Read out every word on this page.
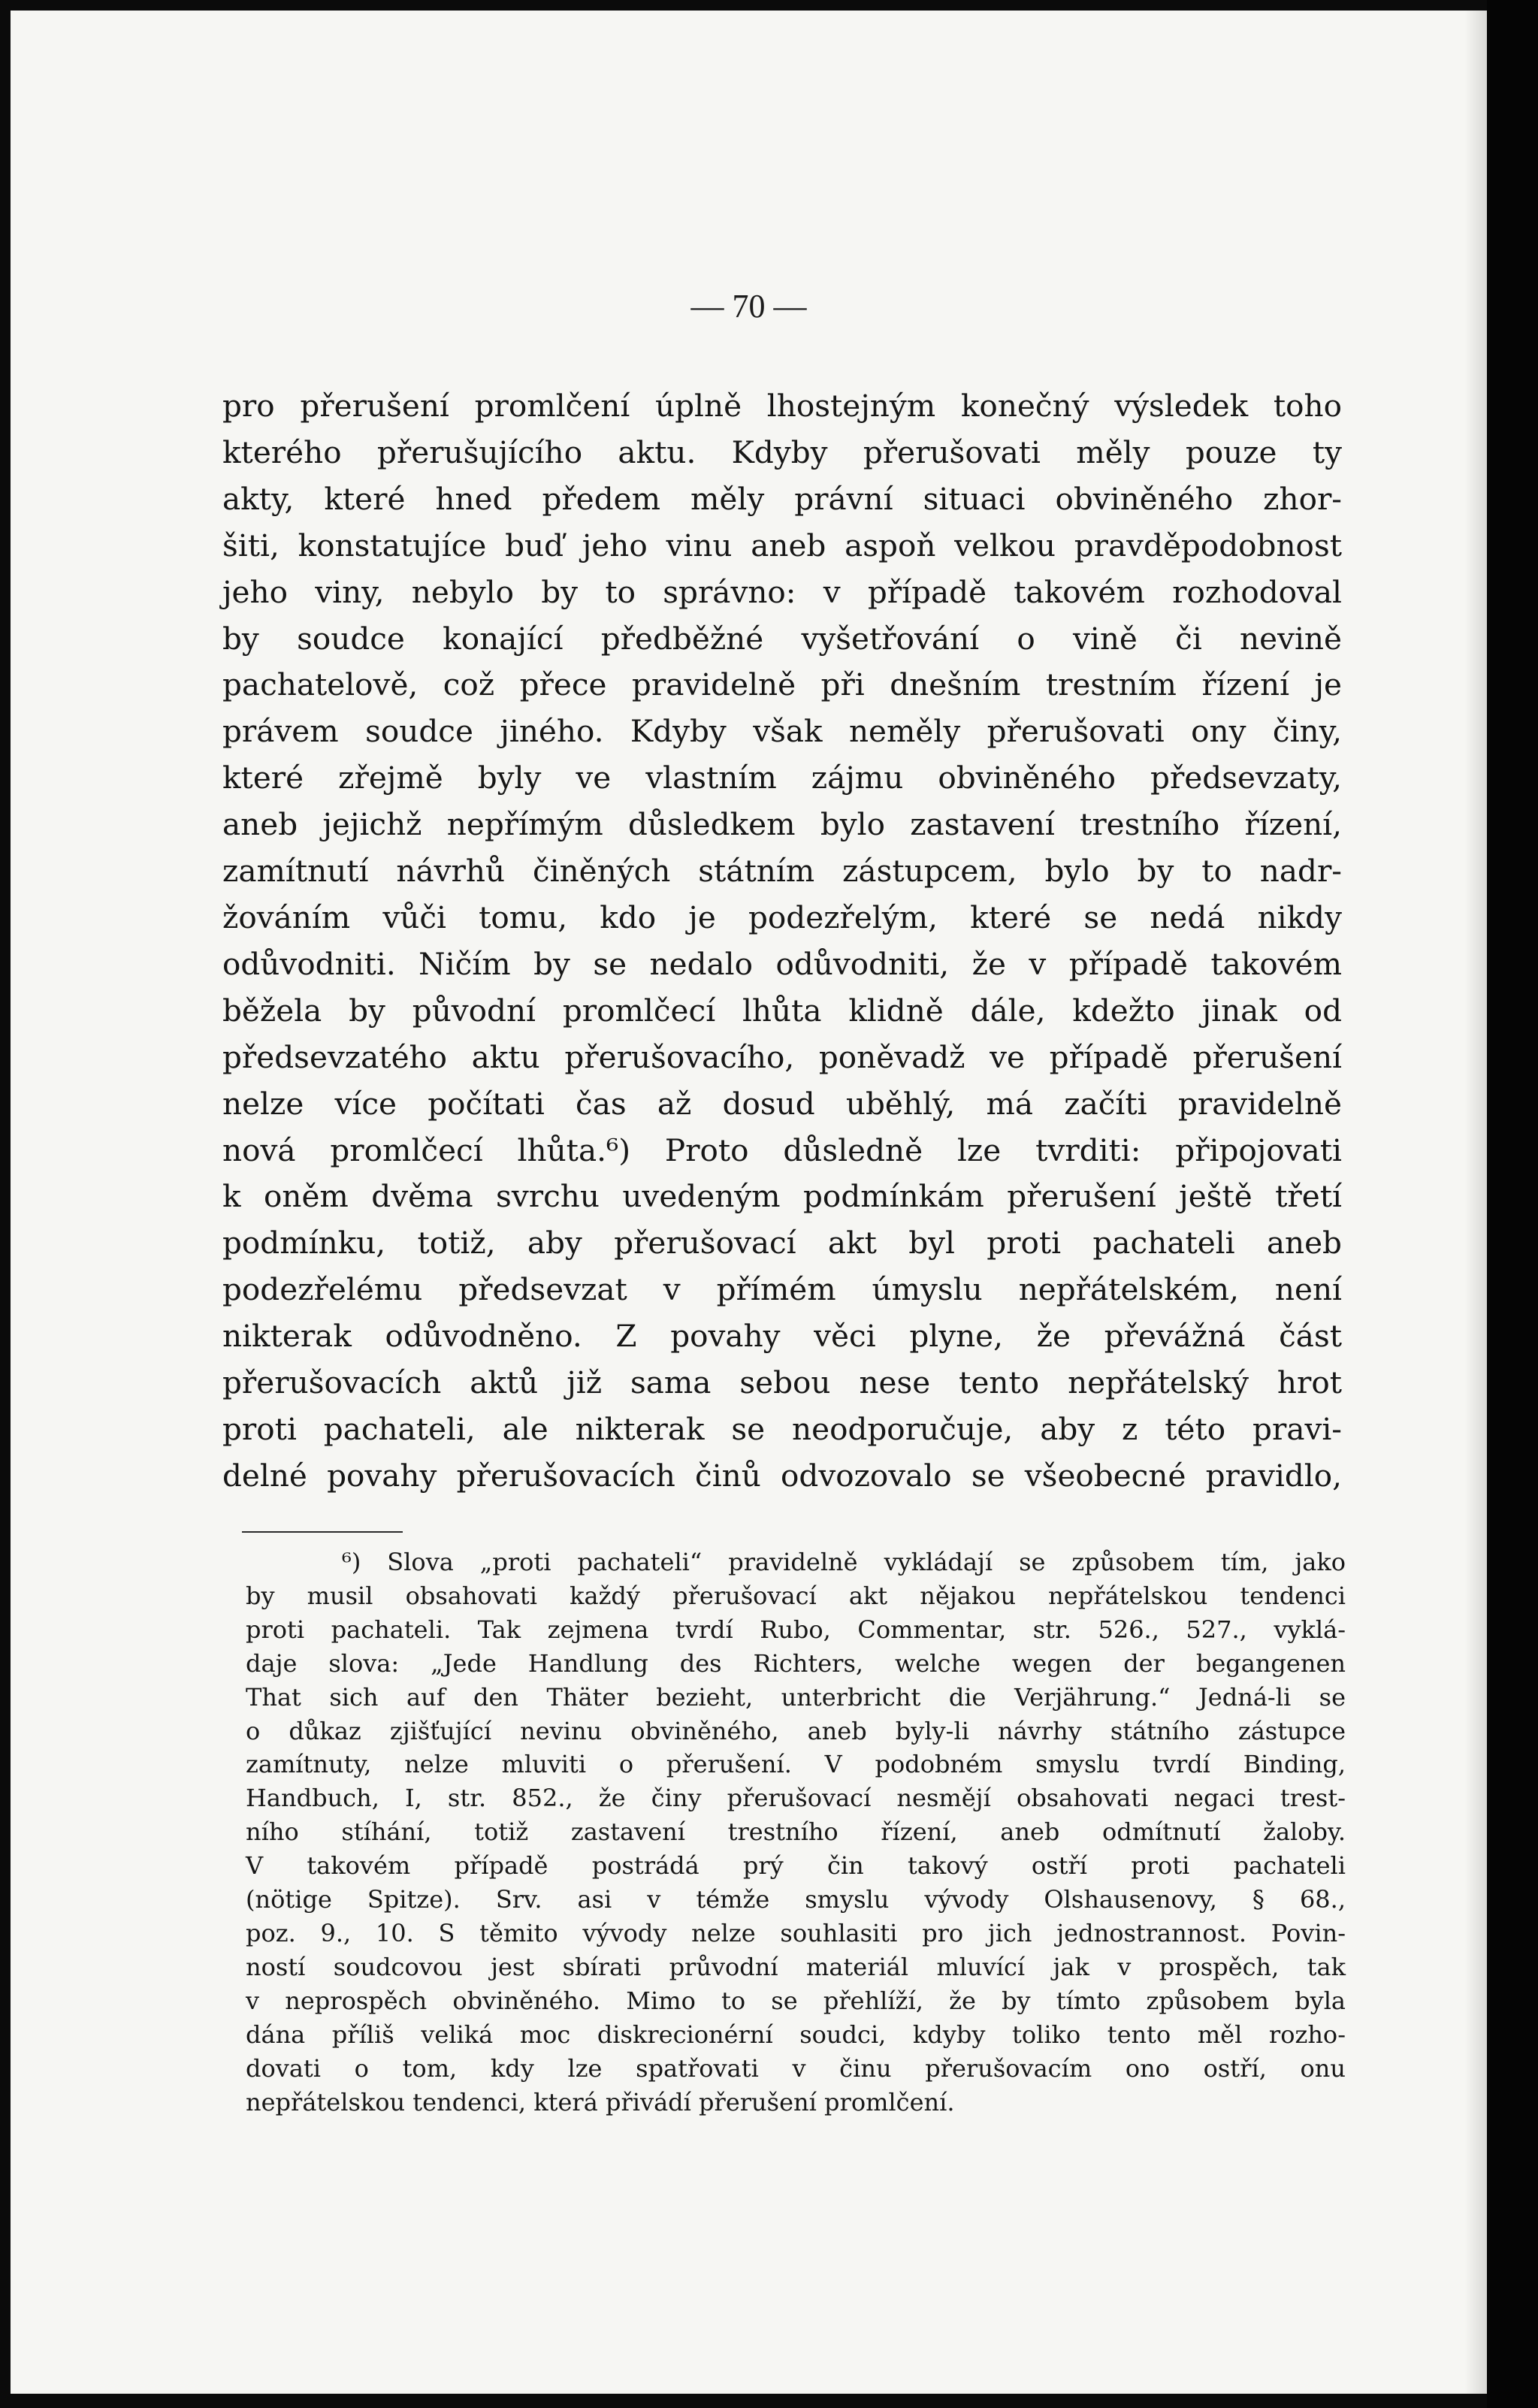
— 70 —

pro přerušení promlčení úplně lhostejným konečný výsledek toho
kterého přerušujícího aktu. Kdyby přerušovati měly pouze ty
akty, které hned předem měly právní situaci obviněného zhor-
šiti, konstatujíce buď jeho vinu aneb aspoň velkou pravděpodobnost
jeho viny, nebylo by to správno: v případě takovém rozhodoval
by soudce konající předběžné vyšetřování o vině či nevině
pachatelově, což přece pravidelně při dnešním trestním řízení je
právem soudce jiného. Kdyby však neměly přerušovati ony činy,
které zřejmě byly ve vlastním zájmu obviněného předsevzaty,
aneb jejichž nepřímým důsledkem bylo zastavení trestního řízení,
zamítnutí návrhů činěných státním zástupcem, bylo by to nadr-
žováním vůči tomu, kdo je podezřelým, které se nedá nikdy
odůvodniti. Ničím by se nedalo odůvodniti, že v případě takovém
běžela by původní promlčecí lhůta klidně dále, kdežto jinak od
předsevzatého aktu přerušovacího, poněvadž ve případě přerušení
nelze více počítati čas až dosud uběhlý, má začíti pravidelně
nová promlčecí lhůta.⁶) Proto důsledně lze tvrditi: připojovati
k oněm dvěma svrchu uvedeným podmínkám přerušení ještě třetí
podmínku, totiž, aby přerušovací akt byl proti pachateli aneb
podezřelému předsevzat v přímém úmyslu nepřátelském, není
nikterak odůvodněno. Z povahy věci plyne, že převážná část
přerušovacích aktů již sama sebou nese tento nepřátelský hrot
proti pachateli, ale nikterak se neodporučuje, aby z této pravi-
delné povahy přerušovacích činů odvozovalo se všeobecné pravidlo,
⁶) Slova „proti pachateli“ pravidelně vykládají se způsobem tím, jako
by musil obsahovati každý přerušovací akt nějakou nepřátelskou tendenci
proti pachateli. Tak zejmena tvrdí Rubo, Commentar, str. 526., 527., vyklá-
daje slova: „Jede Handlung des Richters, welche wegen der begangenen
That sich auf den Thäter bezieht, unterbricht die Verjährung.“ Jedná-li se
o důkaz zjišťující nevinu obviněného, aneb byly-li návrhy státního zástupce
zamítnuty, nelze mluviti o přerušení. V podobném smyslu tvrdí Binding,
Handbuch, I, str. 852., že činy přerušovací nesmějí obsahovati negaci trest-
ního stíhání, totiž zastavení trestního řízení, aneb odmítnutí žaloby.
V takovém případě postrádá prý čin takový ostří proti pachateli
(nötige Spitze). Srv. asi v témže smyslu vývody Olshausenovy, § 68.,
poz. 9., 10. S těmito vývody nelze souhlasiti pro jich jednostrannost. Povin-
ností soudcovou jest sbírati průvodní materiál mluvící jak v prospěch, tak
v neprospěch obviněného. Mimo to se přehlíží, že by tímto způsobem byla
dána příliš veliká moc diskrecionérní soudci, kdyby toliko tento měl rozho-
dovati o tom, kdy lze spatřovati v činu přerušovacím ono ostří, onu
nepřátelskou tendenci, která přivádí přerušení promlčení.
